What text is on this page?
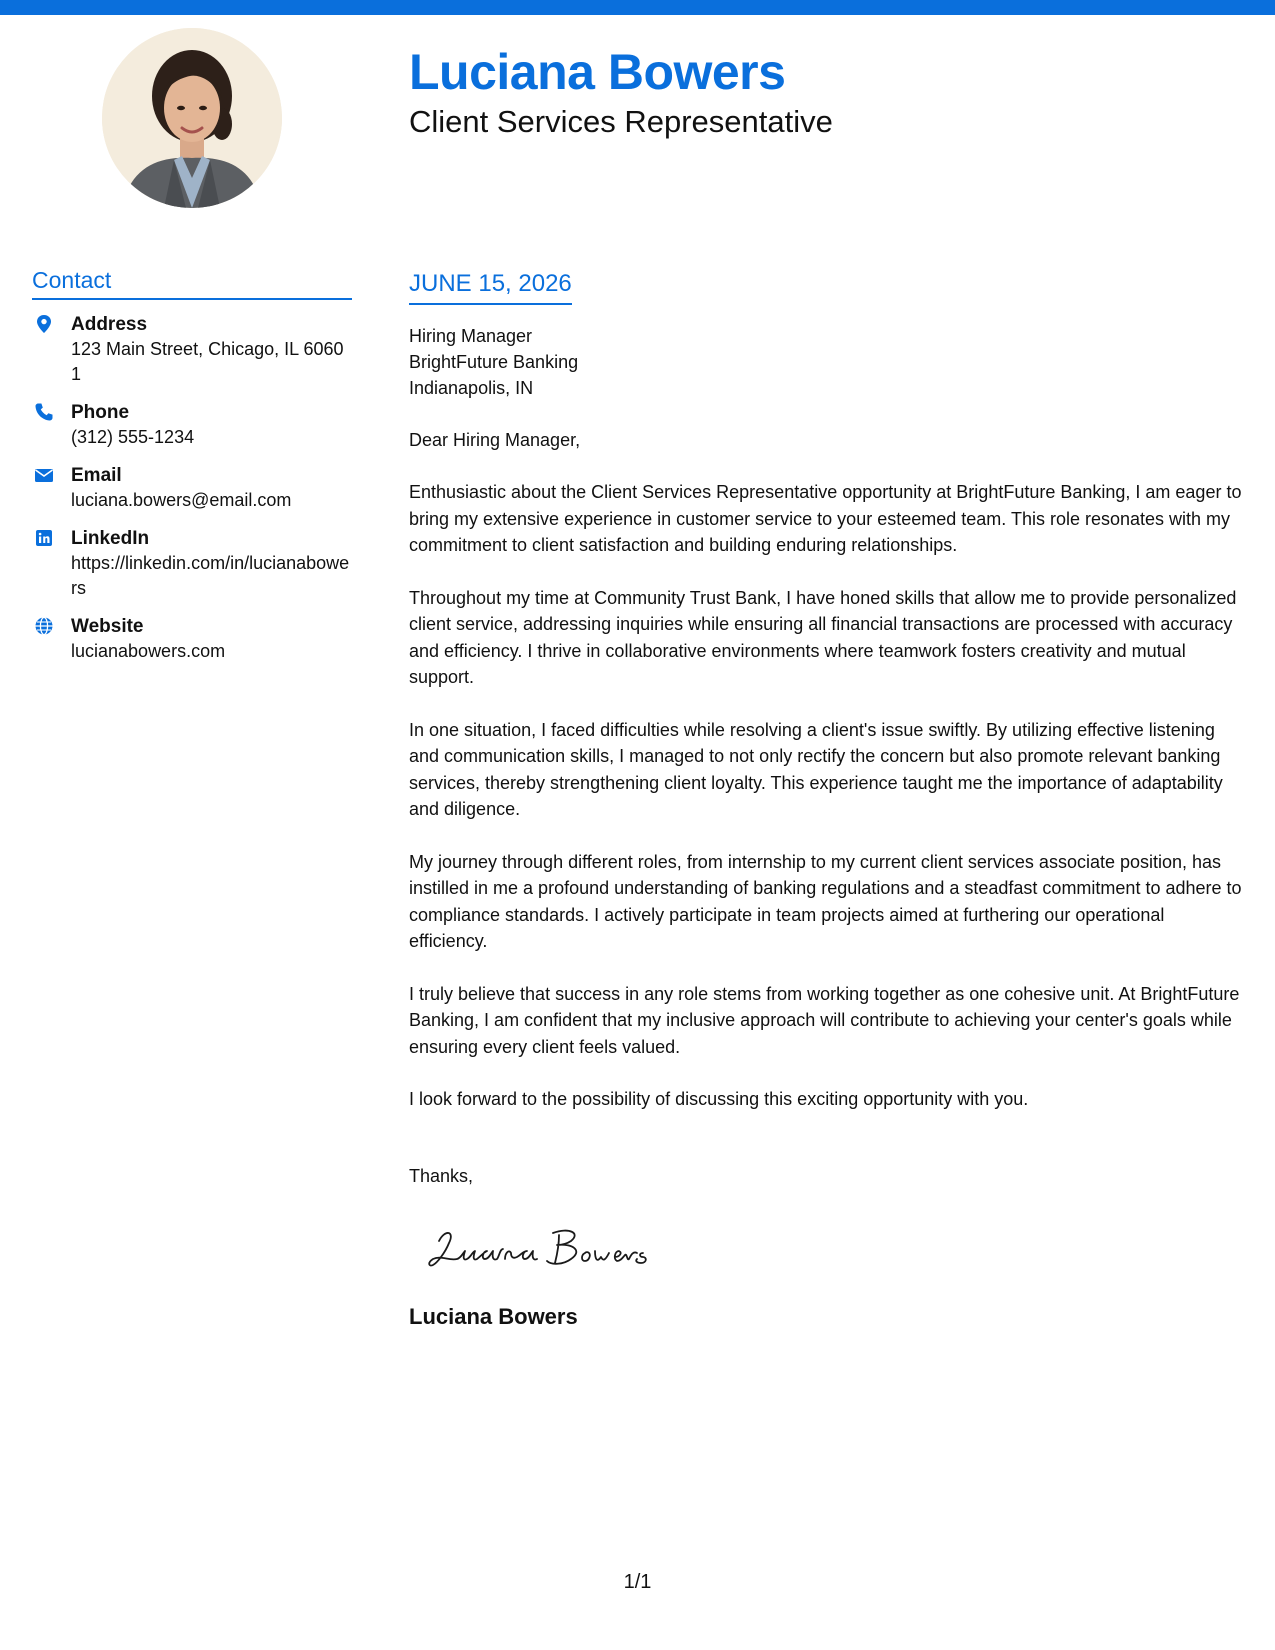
Luciana Bowers
Client Services Representative
Contact
Address
123 Main Street, Chicago, IL 60601
Phone
(312) 555-1234
Email
luciana.bowers@email.com
LinkedIn
https://linkedin.com/in/lucianabowers
Website
lucianabowers.com
JUNE 15, 2026
Hiring Manager
BrightFuture Banking
Indianapolis, IN
Dear Hiring Manager,

Enthusiastic about the Client Services Representative opportunity at BrightFuture Banking, I am eager to bring my extensive experience in customer service to your esteemed team. This role resonates with my commitment to client satisfaction and building enduring relationships.

Throughout my time at Community Trust Bank, I have honed skills that allow me to provide personalized client service, addressing inquiries while ensuring all financial transactions are processed with accuracy and efficiency. I thrive in collaborative environments where teamwork fosters creativity and mutual support.

In one situation, I faced difficulties while resolving a client's issue swiftly. By utilizing effective listening and communication skills, I managed to not only rectify the concern but also promote relevant banking services, thereby strengthening client loyalty. This experience taught me the importance of adaptability and diligence.

My journey through different roles, from internship to my current client services associate position, has instilled in me a profound understanding of banking regulations and a steadfast commitment to adhere to compliance standards. I actively participate in team projects aimed at furthering our operational efficiency.

I truly believe that success in any role stems from working together as one cohesive unit. At BrightFuture Banking, I am confident that my inclusive approach will contribute to achieving your center's goals while ensuring every client feels valued.

I look forward to the possibility of discussing this exciting opportunity with you.

Thanks,
Luciana Bowers
1/1
